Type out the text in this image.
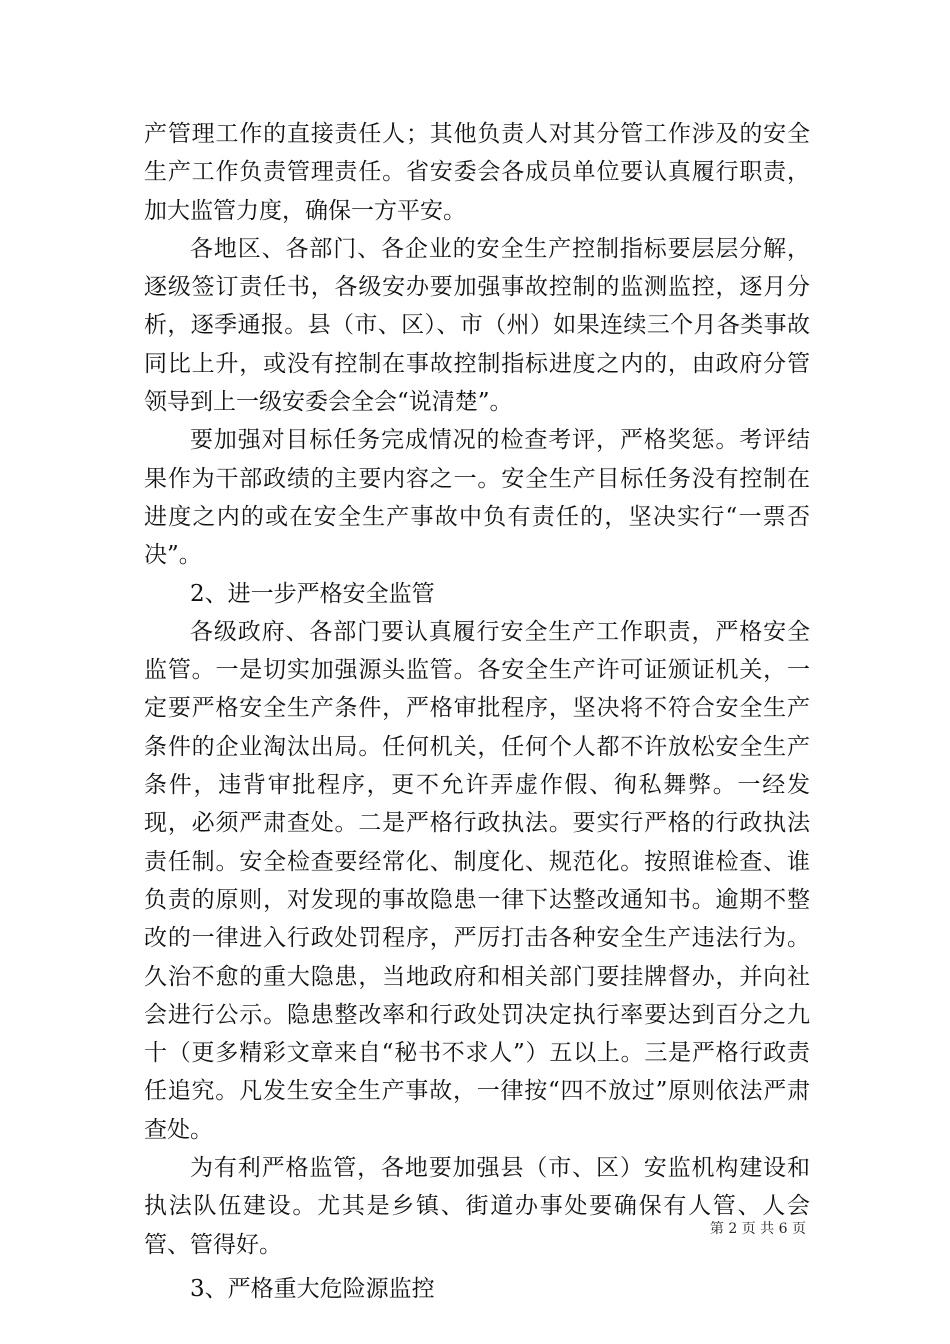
产管理工作的直接责任人；其他负责人对其分管工作涉及的安全生产工作负责管理责任。省安委会各成员单位要认真履行职责，加大监管力度，确保一方平安。

各地区、各部门、各企业的安全生产控制指标要层层分解，逐级签订责任书，各级安办要加强事故控制的监测监控，逐月分析，逐季通报。县（市、区）、市（州）如果连续三个月各类事故同比上升，或没有控制在事故控制指标进度之内的，由政府分管领导到上一级安委会全会“说清楚”。

要加强对目标任务完成情况的检查考评，严格奖惩。考评结果作为干部政绩的主要内容之一。安全生产目标任务没有控制在进度之内的或在安全生产事故中负有责任的，坚决实行“一票否决”。

2、进一步严格安全监管

各级政府、各部门要认真履行安全生产工作职责，严格安全监管。一是切实加强源头监管。各安全生产许可证颁证机关，一定要严格安全生产条件，严格审批程序，坚决将不符合安全生产条件的企业淘汰出局。任何机关，任何个人都不许放松安全生产条件，违背审批程序，更不允许弄虚作假、徇私舞弊。一经发现，必须严肃查处。二是严格行政执法。要实行严格的行政执法责任制。安全检查要经常化、制度化、规范化。按照谁检查、谁负责的原则，对发现的事故隐患一律下达整改通知书。逾期不整改的一律进入行政处罚程序，严厉打击各种安全生产违法行为。久治不愈的重大隐患，当地政府和相关部门要挂牌督办，并向社会进行公示。隐患整改率和行政处罚决定执行率要达到百分之九十（更多精彩文章来自“秘书不求人”）五以上。三是严格行政责任追究。凡发生安全生产事故，一律按“四不放过”原则依法严肃查处。

为有利严格监管，各地要加强县（市、区）安监机构建设和执法队伍建设。尤其是乡镇、街道办事处要确保有人管、人会管、管得好。

3、严格重大危险源监控

第 2 页 共 6 页
